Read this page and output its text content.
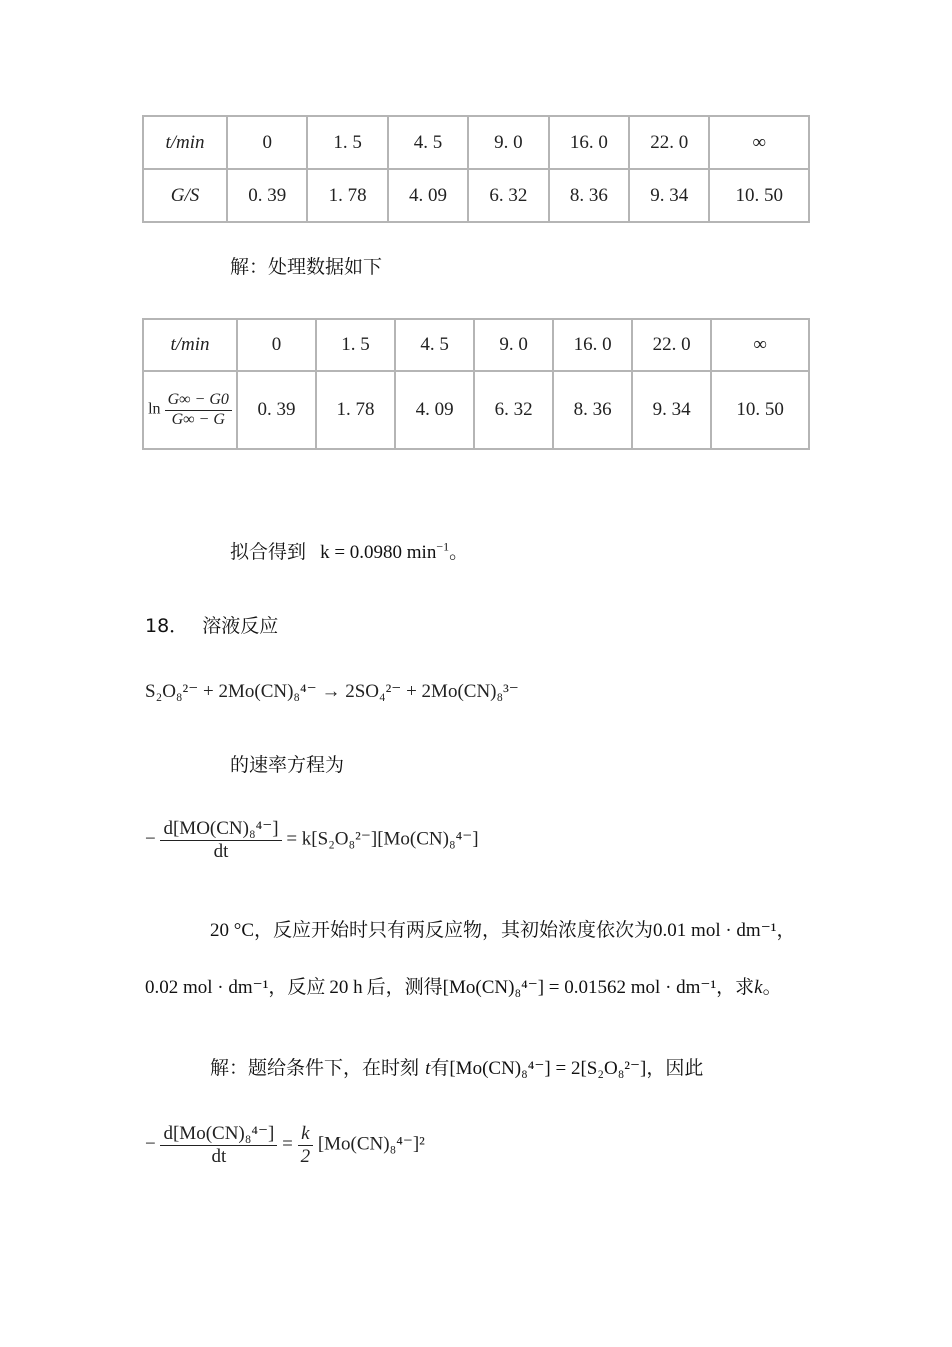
t/min	0	1. 5	4. 5	9. 0	16. 0	22. 0	∞
G/S	0. 39	1. 78	4. 09	6. 32	8. 36	9. 34	10. 50
解：处理数据如下
t/min	0	1. 5	4. 5	9. 0	16. 0	22. 0	∞
$\ln \frac{G\infty - G0}{G\infty - G}$	0. 39	1. 78	4. 09	6. 32	8. 36	9. 34	10. 50
拟合得到 k = 0.0980 $\min^{-1}$。
18． 溶液反应
S₂O₈²⁻ + 2Mo(CN)₈⁴⁻ → 2SO₄²⁻ + 2Mo(CN)₈³⁻
的速率方程为
− $\frac{\text{d[MO(CN)₈⁴⁻]}}{dt} = k[S_2O_8^{2-}][Mo(CN)_8^{4-}]$
20 °C，反应开始时只有两反应物，其初始浓度依次为0.01 mol · dm⁻¹，
0.02 mol · dm⁻¹，反应 20 h 后，测得[Mo(CN)₈⁴⁻] = 0.01562 mol · dm⁻¹，求k。
解：题给条件下，在时刻 t有[Mo(CN)₈⁴⁻] = 2[S₂O₈²⁻]，因此
− $\frac{\text{d[Mo(CN)₈⁴⁻]}}{dt} = \frac{k}{2} [Mo(CN)_8^{4-}]^2$
